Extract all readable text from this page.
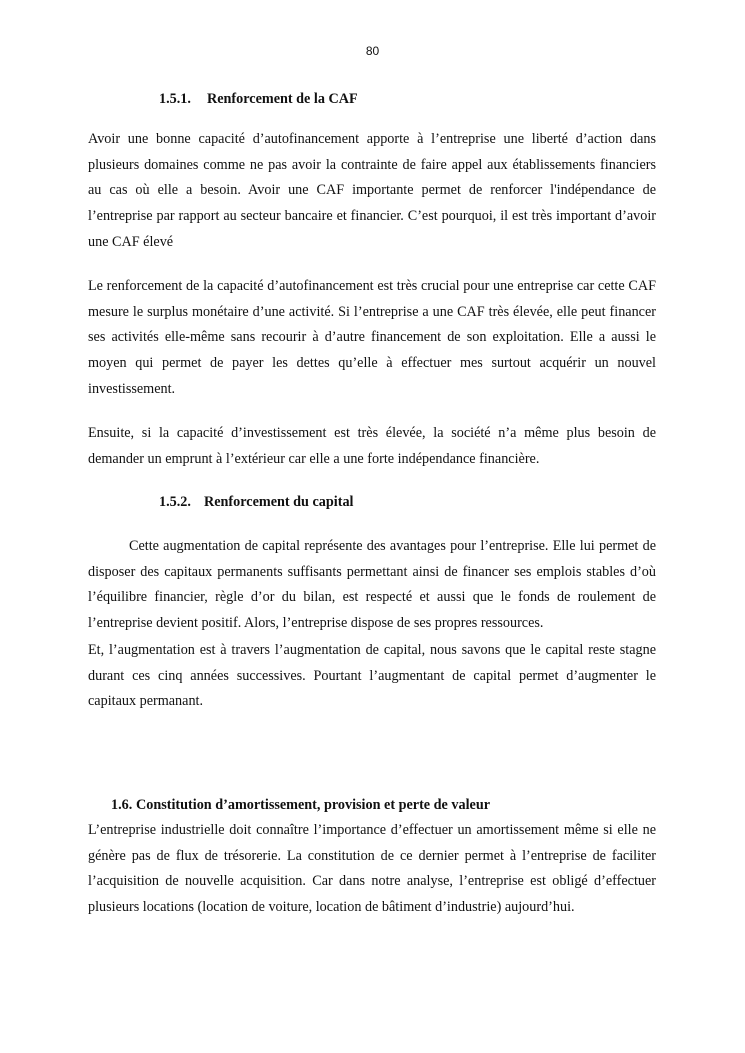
80
1.5.1. Renforcement de la CAF

Avoir une bonne capacité d’autofinancement apporte à l’entreprise une liberté d’action dans plusieurs domaines comme ne pas avoir la contrainte de faire appel aux établissements financiers au cas où elle a besoin. Avoir une CAF importante permet de renforcer l'indépendance de l’entreprise par rapport au secteur bancaire et financier. C’est pourquoi, il est très important d’avoir une CAF élevé

Le renforcement de la capacité d’autofinancement est très crucial pour une entreprise car cette CAF mesure le surplus monétaire d’une activité. Si l’entreprise a une CAF très élevée, elle peut financer ses activités elle-même sans recourir à d’autre financement de son exploitation. Elle a aussi le moyen qui permet de payer les dettes qu’elle à effectuer mes surtout acquérir un nouvel investissement.

Ensuite, si la capacité d’investissement est très élevée, la société n’a même plus besoin de demander un emprunt à l’extérieur car elle a une forte indépendance financière.

1.5.2. Renforcement du capital

Cette augmentation de capital représente des avantages pour l’entreprise. Elle lui permet de disposer des capitaux permanents suffisants permettant ainsi de financer ses emplois stables d’où l’équilibre financier, règle d’or du bilan, est respecté et aussi que le fonds de roulement de l’entreprise devient positif. Alors, l’entreprise dispose de ses propres ressources.

Et, l’augmentation est à travers l’augmentation de capital, nous savons que le capital reste stagne durant ces cinq années successives. Pourtant l’augmentant de capital permet d’augmenter le capitaux permanant.

1.6. Constitution d’amortissement, provision et perte de valeur

L’entreprise industrielle doit connaître l’importance d’effectuer un amortissement même si elle ne génère pas de flux de trésorerie. La constitution de ce dernier permet à l’entreprise de faciliter l’acquisition de nouvelle acquisition. Car dans notre analyse, l’entreprise est obligé d’effectuer plusieurs locations (location de voiture, location de bâtiment d’industrie) aujourd’hui.
